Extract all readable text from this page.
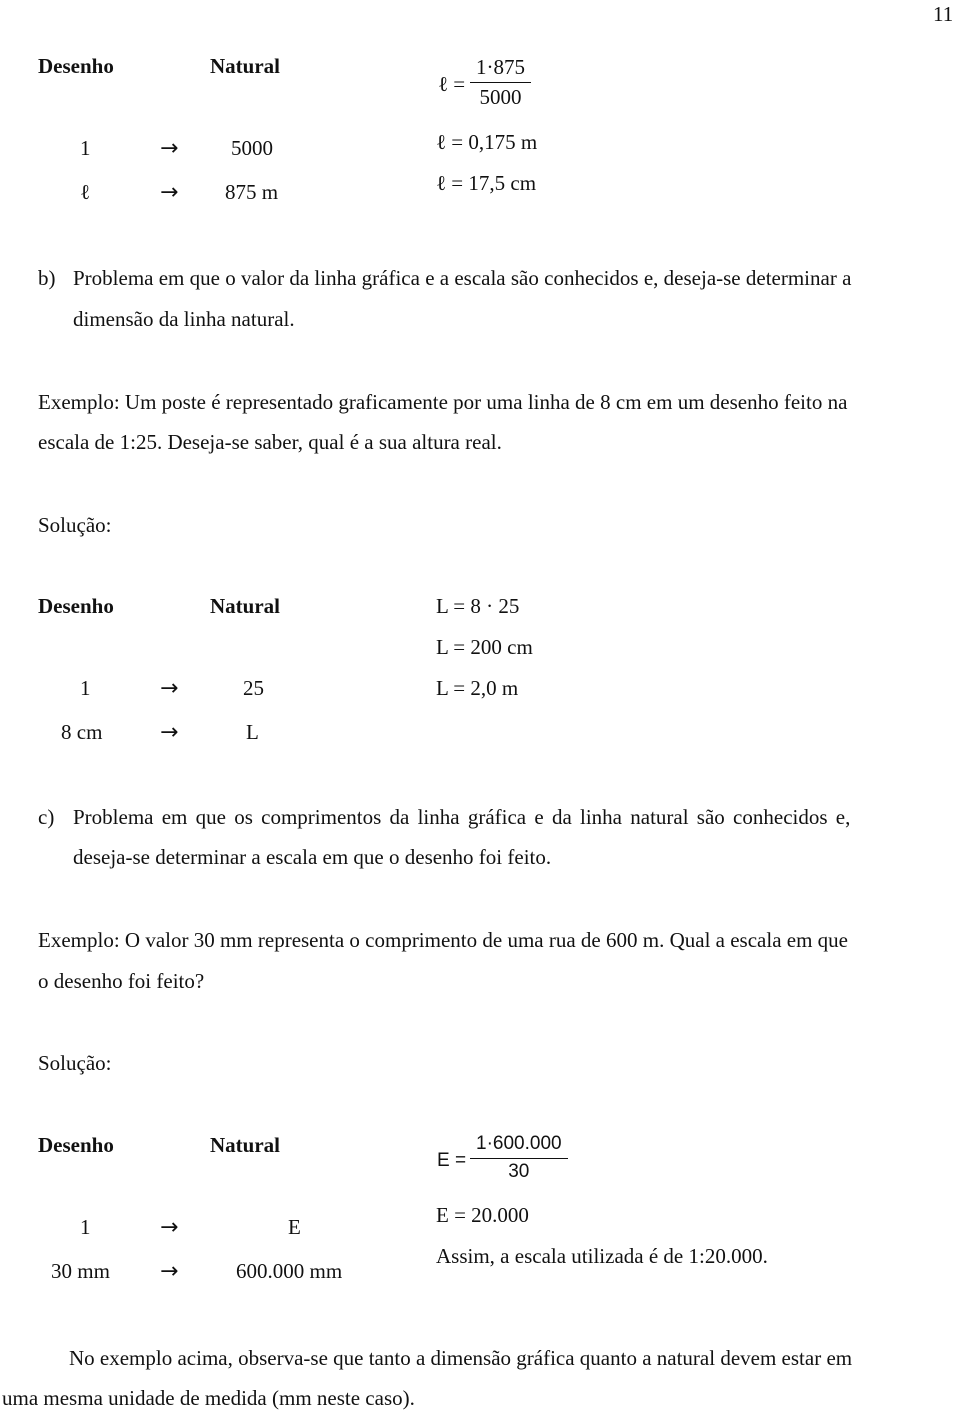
11
Desenho	Natural
1	→	5000
ℓ	→ 875 m
ℓ = $\frac{1\cdot 875}{5000}$
ℓ = 0,175 m
ℓ = 17,5 cm
b) Problema em que o valor da linha gráfica e a escala são conhecidos e, deseja-se determinar a
dimensão da linha natural.
Exemplo: Um poste é representado graficamente por uma linha de 8 cm em um desenho feito na
escala de 1:25. Deseja-se saber, qual é a sua altura real.
Solução:
Desenho	Natural
1	→	25
8 cm	→	L
L = 8 · 25
L = 200 cm
L = 2,0 m
c) Problema em que os comprimentos da linha gráfica e da linha natural são conhecidos e,
deseja-se determinar a escala em que o desenho foi feito.
Exemplo: O valor 30 mm representa o comprimento de uma rua de 600 m. Qual a escala em que
o desenho foi feito?
Solução:
Desenho	Natural
1	→	E
30 mm →	600.000 mm
$E = \frac{1\cdot 600.000}{30}$
E = 20.000
Assim, a escala utilizada é de 1:20.000.
No exemplo acima, observa-se que tanto a dimensão gráfica quanto a natural devem estar em
uma mesma unidade de medida (mm neste caso).
